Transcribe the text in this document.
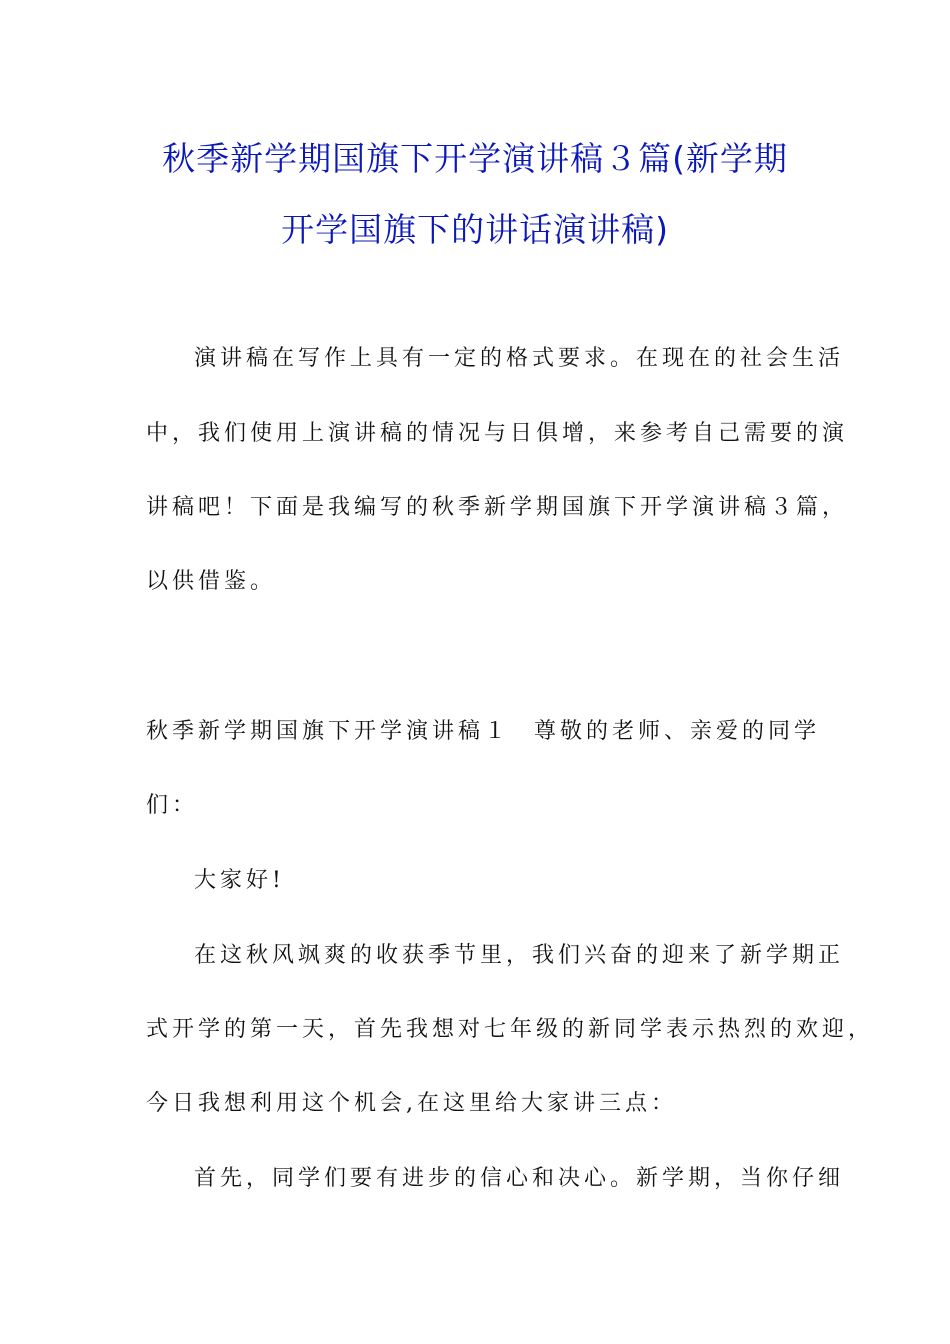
秋季新学期国旗下开学演讲稿３篇(新学期
开学国旗下的讲话演讲稿)
演讲稿在写作上具有一定的格式要求。在现在的社会生活
中，我们使用上演讲稿的情况与日俱增，来参考自己需要的演
讲稿吧！下面是我编写的秋季新学期国旗下开学演讲稿３篇，
以供借鉴。
秋季新学期国旗下开学演讲稿１ 尊敬的老师、亲爱的同学
们：
大家好!
在这秋风飒爽的收获季节里，我们兴奋的迎来了新学期正
式开学的第一天，首先我想对七年级的新同学表示热烈的欢迎，
今日我想利用这个机会,在这里给大家讲三点：
首先，同学们要有进步的信心和决心。新学期，当你仔细
